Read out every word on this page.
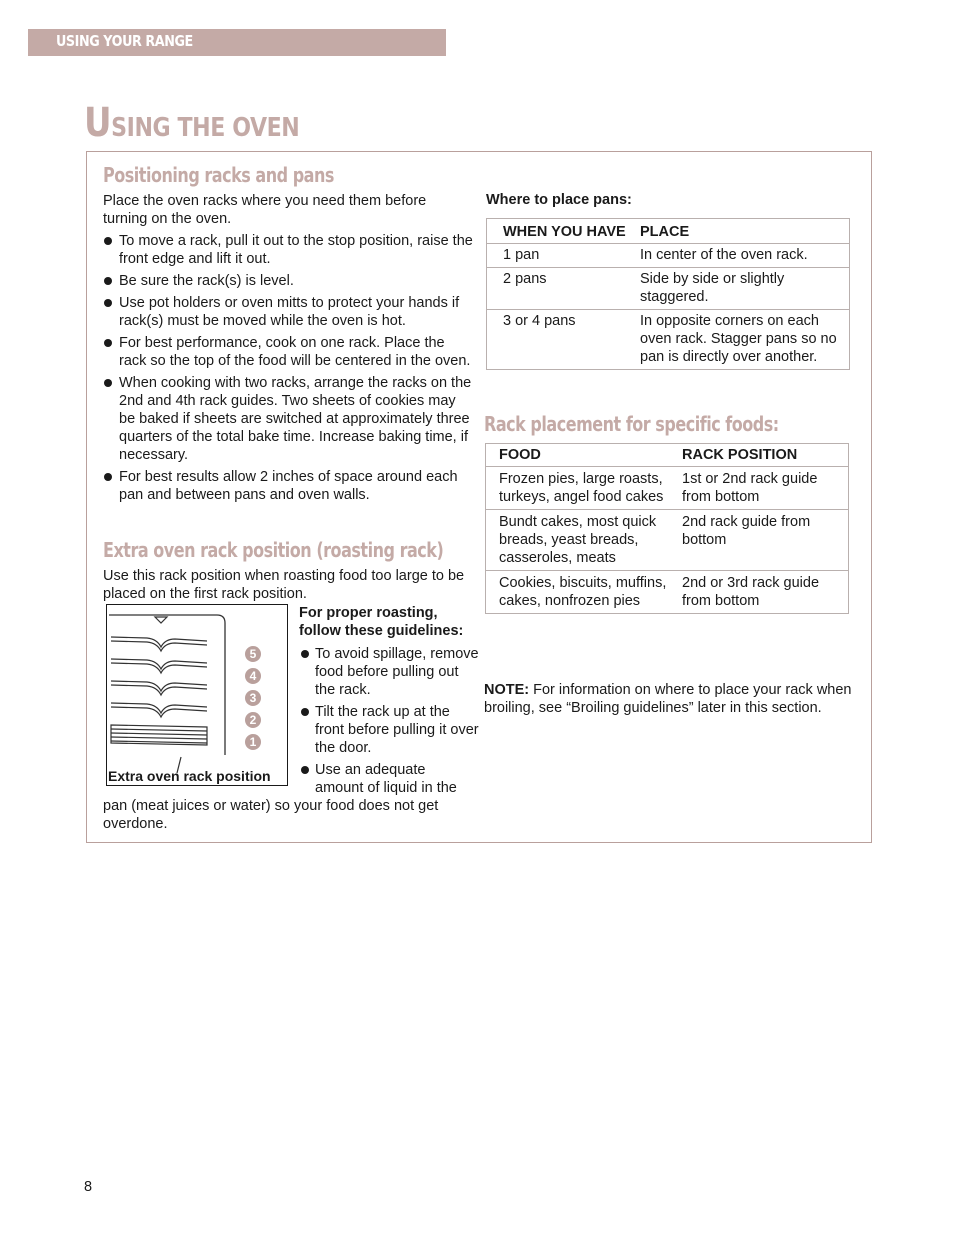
USING YOUR RANGE
USING THE OVEN
Positioning racks and pans

Place the oven racks where you need them before turning on the oven.

To move a rack, pull it out to the stop position, raise the front edge and lift it out.
Be sure the rack(s) is level.
Use pot holders or oven mitts to protect your hands if rack(s) must be moved while the oven is hot.
For best performance, cook on one rack. Place the rack so the top of the food will be centered in the oven.
When cooking with two racks, arrange the racks on the 2nd and 4th rack guides. Two sheets of cookies may be baked if sheets are switched at approximately three quarters of the total bake time. Increase baking time, if necessary.
For best results allow 2 inches of space around each pan and between pans and oven walls.
Extra oven rack position (roasting rack)

Use this rack position when roasting food too large to be placed on the first rack position.

5
4
3
2
1
Extra oven rack position

For proper roasting, follow these guidelines:

To avoid spillage, remove food before pulling out the rack.
Tilt the rack up at the front before pulling it over the door.
Use an adequate amount of liquid in the

pan (meat juices or water) so your food does not get overdone.

Where to place pans:

WHEN YOU HAVE	PLACE
1 pan	In center of the oven rack.
2 pans	Side by side or slightly staggered.
3 or 4 pans	In opposite corners on each oven rack. Stagger pans so no pan is directly over another.
Rack placement for specific foods:
FOOD	RACK POSITION
Frozen pies, large roasts, turkeys, angel food cakes	1st or 2nd rack guide from bottom
Bundt cakes, most quick breads, yeast breads, casseroles, meats	2nd rack guide from bottom
Cookies, biscuits, muffins, cakes, nonfrozen pies	2nd or 3rd rack guide from bottom

NOTE: For information on where to place your rack when broiling, see “Broiling guidelines” later in this section.

8
